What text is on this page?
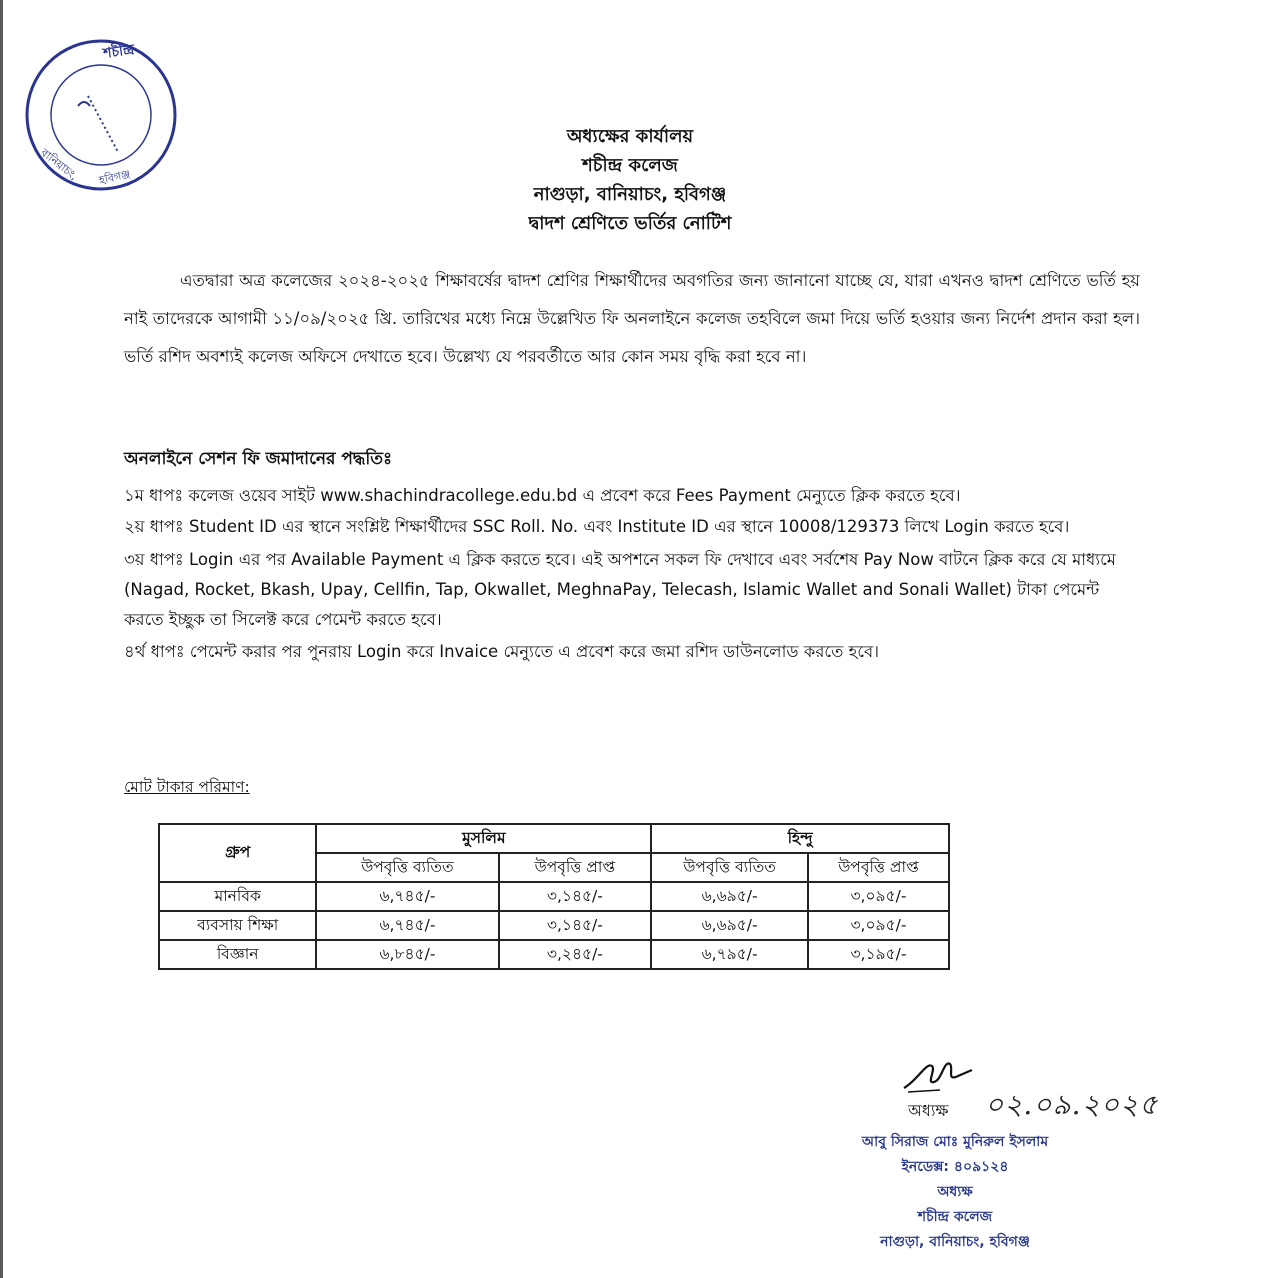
শচীন্দ্র
বানিয়াচং, হবিগঞ্জ
অধ্যক্ষের কার্যালয়
শচীন্দ্র কলেজ
নাগুড়া, বানিয়াচং, হবিগঞ্জ
দ্বাদশ শ্রেণিতে ভর্তির নোটিশ
এতদ্বারা অত্র কলেজের ২০২৪-২০২৫ শিক্ষাবর্ষের দ্বাদশ শ্রেণির শিক্ষার্থীদের অবগতির জন্য জানানো যাচ্ছে যে, যারা এখনও দ্বাদশ শ্রেণিতে ভর্তি হয় নাই তাদেরকে আগামী ১১/০৯/২০২৫ খ্রি. তারিখের মধ্যে নিম্নে উল্লেখিত ফি অনলাইনে কলেজ তহবিলে জমা দিয়ে ভর্তি হওয়ার জন্য নির্দেশ প্রদান করা হল। ভর্তি রশিদ অবশ্যই কলেজ অফিসে দেখাতে হবে। উল্লেখ্য যে পরবর্তীতে আর কোন সময় বৃদ্ধি করা হবে না।
অনলাইনে সেশন ফি জমাদানের পদ্ধতিঃ
১ম ধাপঃ কলেজ ওয়েব সাইট www.shachindracollege.edu.bd এ প্রবেশ করে Fees Payment মেন্যুতে ক্লিক করতে হবে।
২য় ধাপঃ Student ID এর স্থানে সংশ্লিষ্ট শিক্ষার্থীদের SSC Roll. No. এবং Institute ID এর স্থানে 10008/129373 লিখে Login করতে হবে।
৩য় ধাপঃ Login এর পর Available Payment এ ক্লিক করতে হবে। এই অপশনে সকল ফি দেখাবে এবং সর্বশেষ Pay Now বাটনে ক্লিক করে যে মাধ্যমে (Nagad, Rocket, Bkash, Upay, Cellfin, Tap, Okwallet, MeghnaPay, Telecash, Islamic Wallet and Sonali Wallet) টাকা পেমেন্ট করতে ইচ্ছুক তা সিলেক্ট করে পেমেন্ট করতে হবে।
৪র্থ ধাপঃ পেমেন্ট করার পর পুনরায় Login করে Invaice মেন্যুতে এ প্রবেশ করে জমা রশিদ ডাউনলোড করতে হবে।
মোট টাকার পরিমাণ:
গ্রুপ	মুসলিম		হিন্দু	
	উপবৃত্তি ব্যতিত	উপবৃত্তি প্রাপ্ত	উপবৃত্তি ব্যতিত	উপবৃত্তি প্রাপ্ত
মানবিক	৬,৭৪৫/-	৩,১৪৫/-	৬,৬৯৫/-	৩,০৯৫/-
ব্যবসায় শিক্ষা	৬,৭৪৫/-	৩,১৪৫/-	৬,৬৯৫/-	৩,০৯৫/-
বিজ্ঞান	৬,৮৪৫/-	৩,২৪৫/-	৬,৭৯৫/-	৩,১৯৫/-
০২.০৯.২০২৫
অধ্যক্ষ
আবু সিরাজ মোঃ মুনিরুল ইসলাম
ইনডেক্স: ৪০৯১২৪
অধ্যক্ষ
শচীন্দ্র কলেজ
নাগুড়া, বানিয়াচং, হবিগঞ্জ
